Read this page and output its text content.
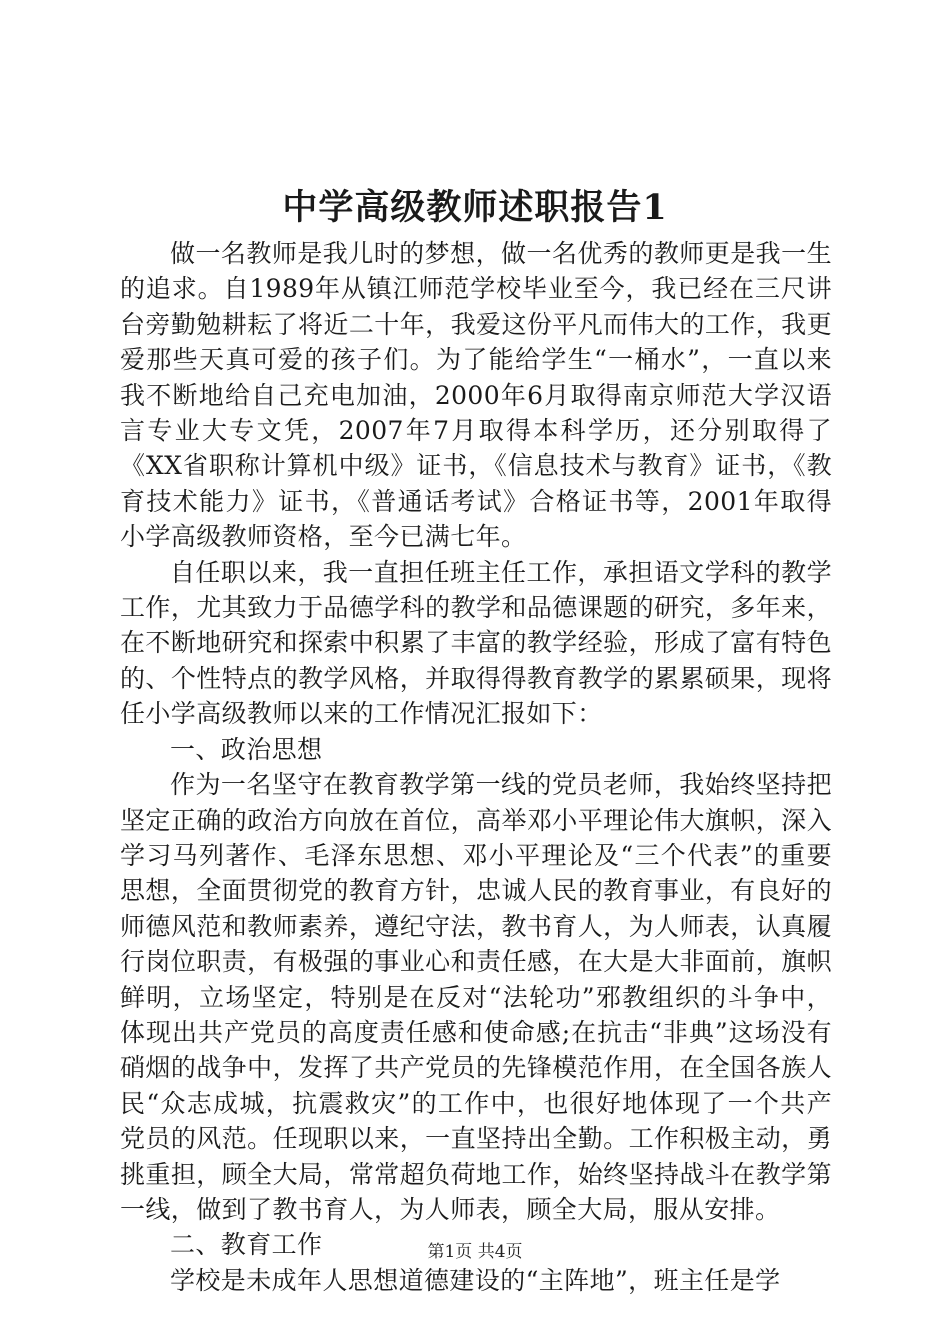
中学高级教师述职报告1

做一名教师是我儿时的梦想，做一名优秀的教师更是我一生的追求。自1989年从镇江师范学校毕业至今，我已经在三尺讲台旁勤勉耕耘了将近二十年，我爱这份平凡而伟大的工作，我更爱那些天真可爱的孩子们。为了能给学生“一桶水”，一直以来我不断地给自己充电加油，2000年6月取得南京师范大学汉语言专业大专文凭，2007年7月取得本科学历，还分别取得了《XX省职称计算机中级》证书，《信息技术与教育》证书，《教育技术能力》证书，《普通话考试》合格证书等，2001年取得小学高级教师资格，至今已满七年。

自任职以来，我一直担任班主任工作，承担语文学科的教学工作，尤其致力于品德学科的教学和品德课题的研究，多年来，在不断地研究和探索中积累了丰富的教学经验，形成了富有特色的、个性特点的教学风格，并取得得教育教学的累累硕果，现将任小学高级教师以来的工作情况汇报如下：

一、政治思想

作为一名坚守在教育教学第一线的党员老师，我始终坚持把坚定正确的政治方向放在首位，高举邓小平理论伟大旗帜，深入学习马列著作、毛泽东思想、邓小平理论及“三个代表”的重要思想，全面贯彻党的教育方针，忠诚人民的教育事业，有良好的师德风范和教师素养，遵纪守法，教书育人，为人师表，认真履行岗位职责，有极强的事业心和责任感，在大是大非面前，旗帜鲜明，立场坚定，特别是在反对“法轮功”邪教组织的斗争中，体现出共产党员的高度责任感和使命感;在抗击“非典”这场没有硝烟的战争中，发挥了共产党员的先锋模范作用，在全国各族人民“众志成城，抗震救灾”的工作中，也很好地体现了一个共产党员的风范。任现职以来，一直坚持出全勤。工作积极主动，勇挑重担，顾全大局，常常超负荷地工作，始终坚持战斗在教学第一线，做到了教书育人，为人师表，顾全大局，服从安排。

二、教育工作

学校是未成年人思想道德建设的“主阵地”，班主任是学

第1页 共4页
